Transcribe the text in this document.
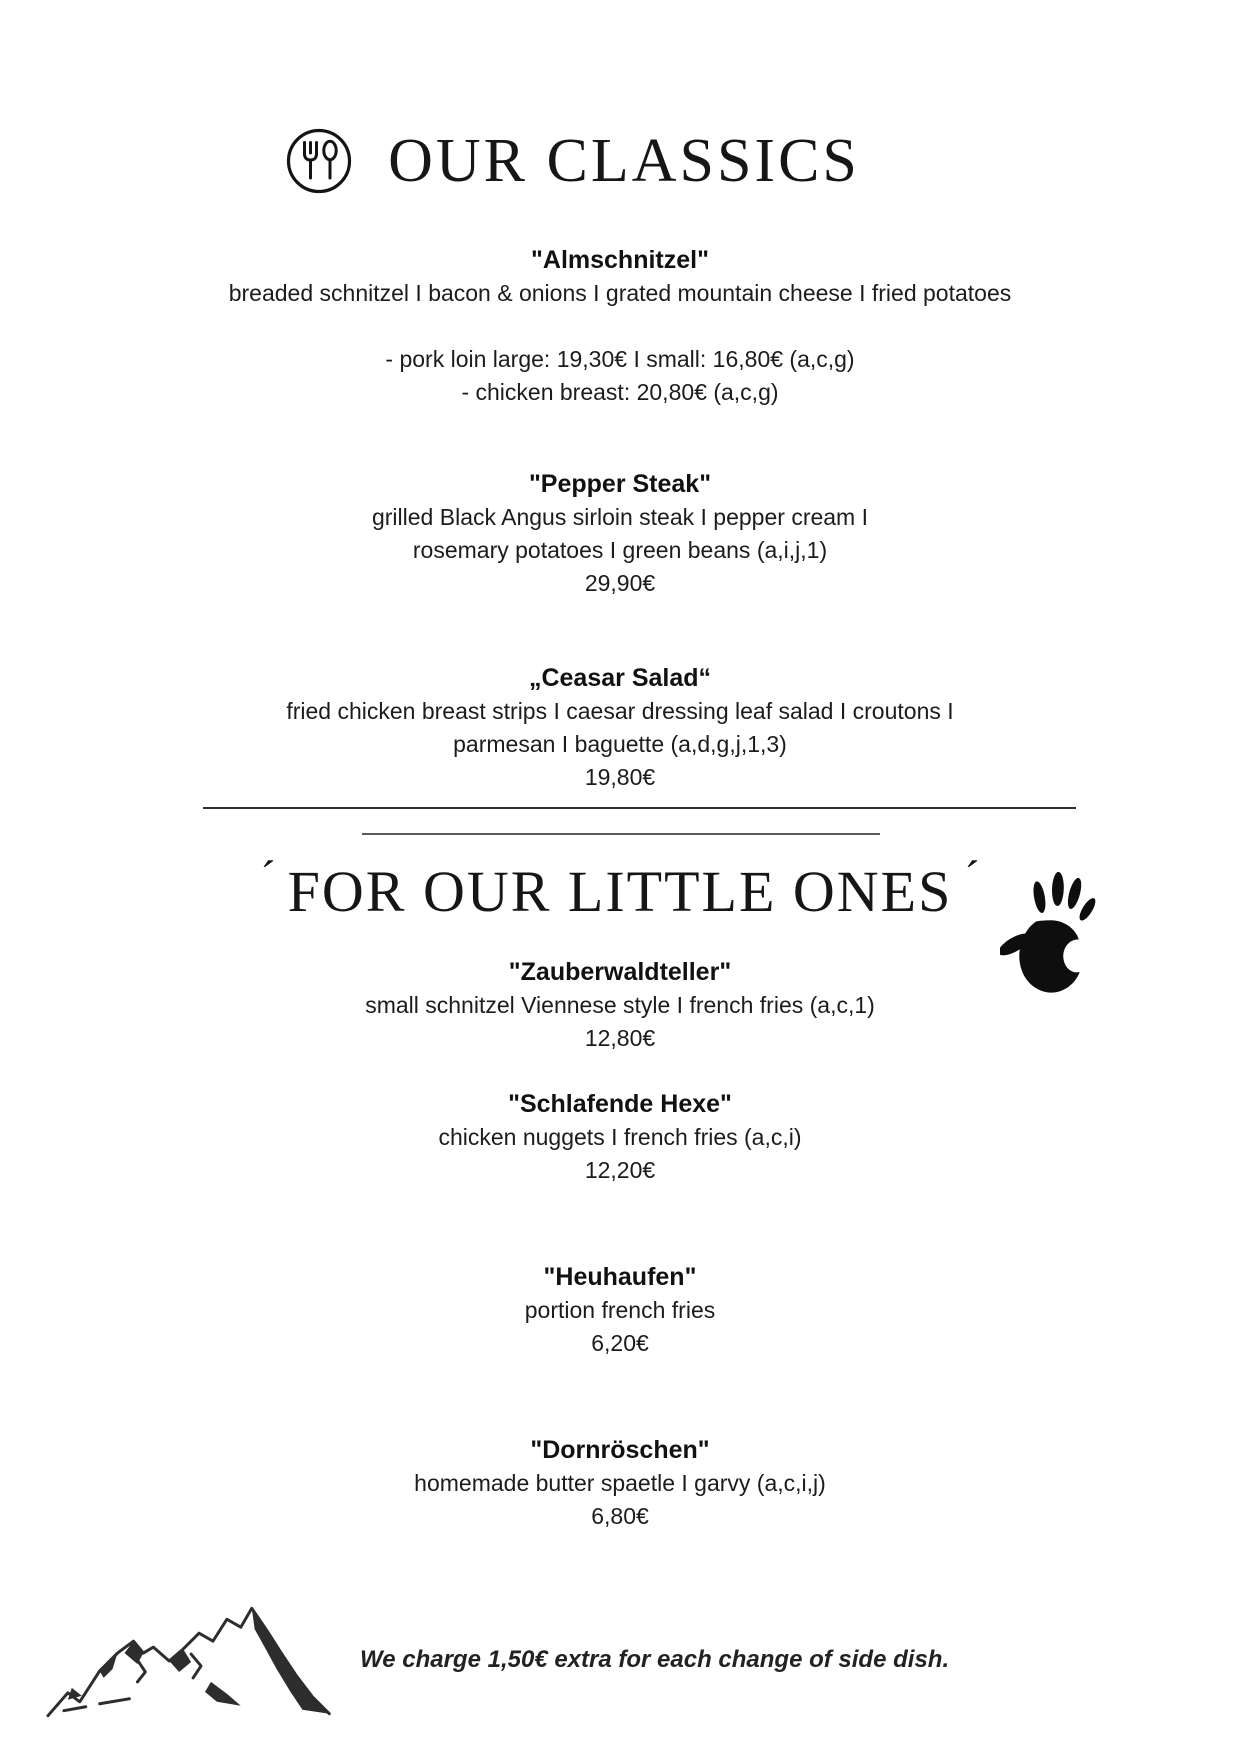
OUR CLASSICS
"Almschnitzel"

breaded schnitzel I bacon & onions I grated mountain cheese I fried potatoes

- pork loin large: 19,30€ I small: 16,80€ (a,c,g)

- chicken breast: 20,80€ (a,c,g)

"Pepper Steak"

grilled Black Angus sirloin steak I pepper cream I

rosemary potatoes I green beans (a,i,j,1)

29,90€

„Ceasar Salad“

fried chicken breast strips I caesar dressing leaf salad I croutons I

parmesan I baguette (a,d,g,j,1,3)

19,80€

´ FOR OUR LITTLE ONES ´
"Zauberwaldteller"

small schnitzel Viennese style I french fries (a,c,1)

12,80€

"Schlafende Hexe"

chicken nuggets I french fries (a,c,i)

12,20€

"Heuhaufen"

portion french fries

6,20€

"Dornröschen"

homemade butter spaetle I garvy (a,c,i,j)

6,80€

We charge 1,50€ extra for each change of side dish.
